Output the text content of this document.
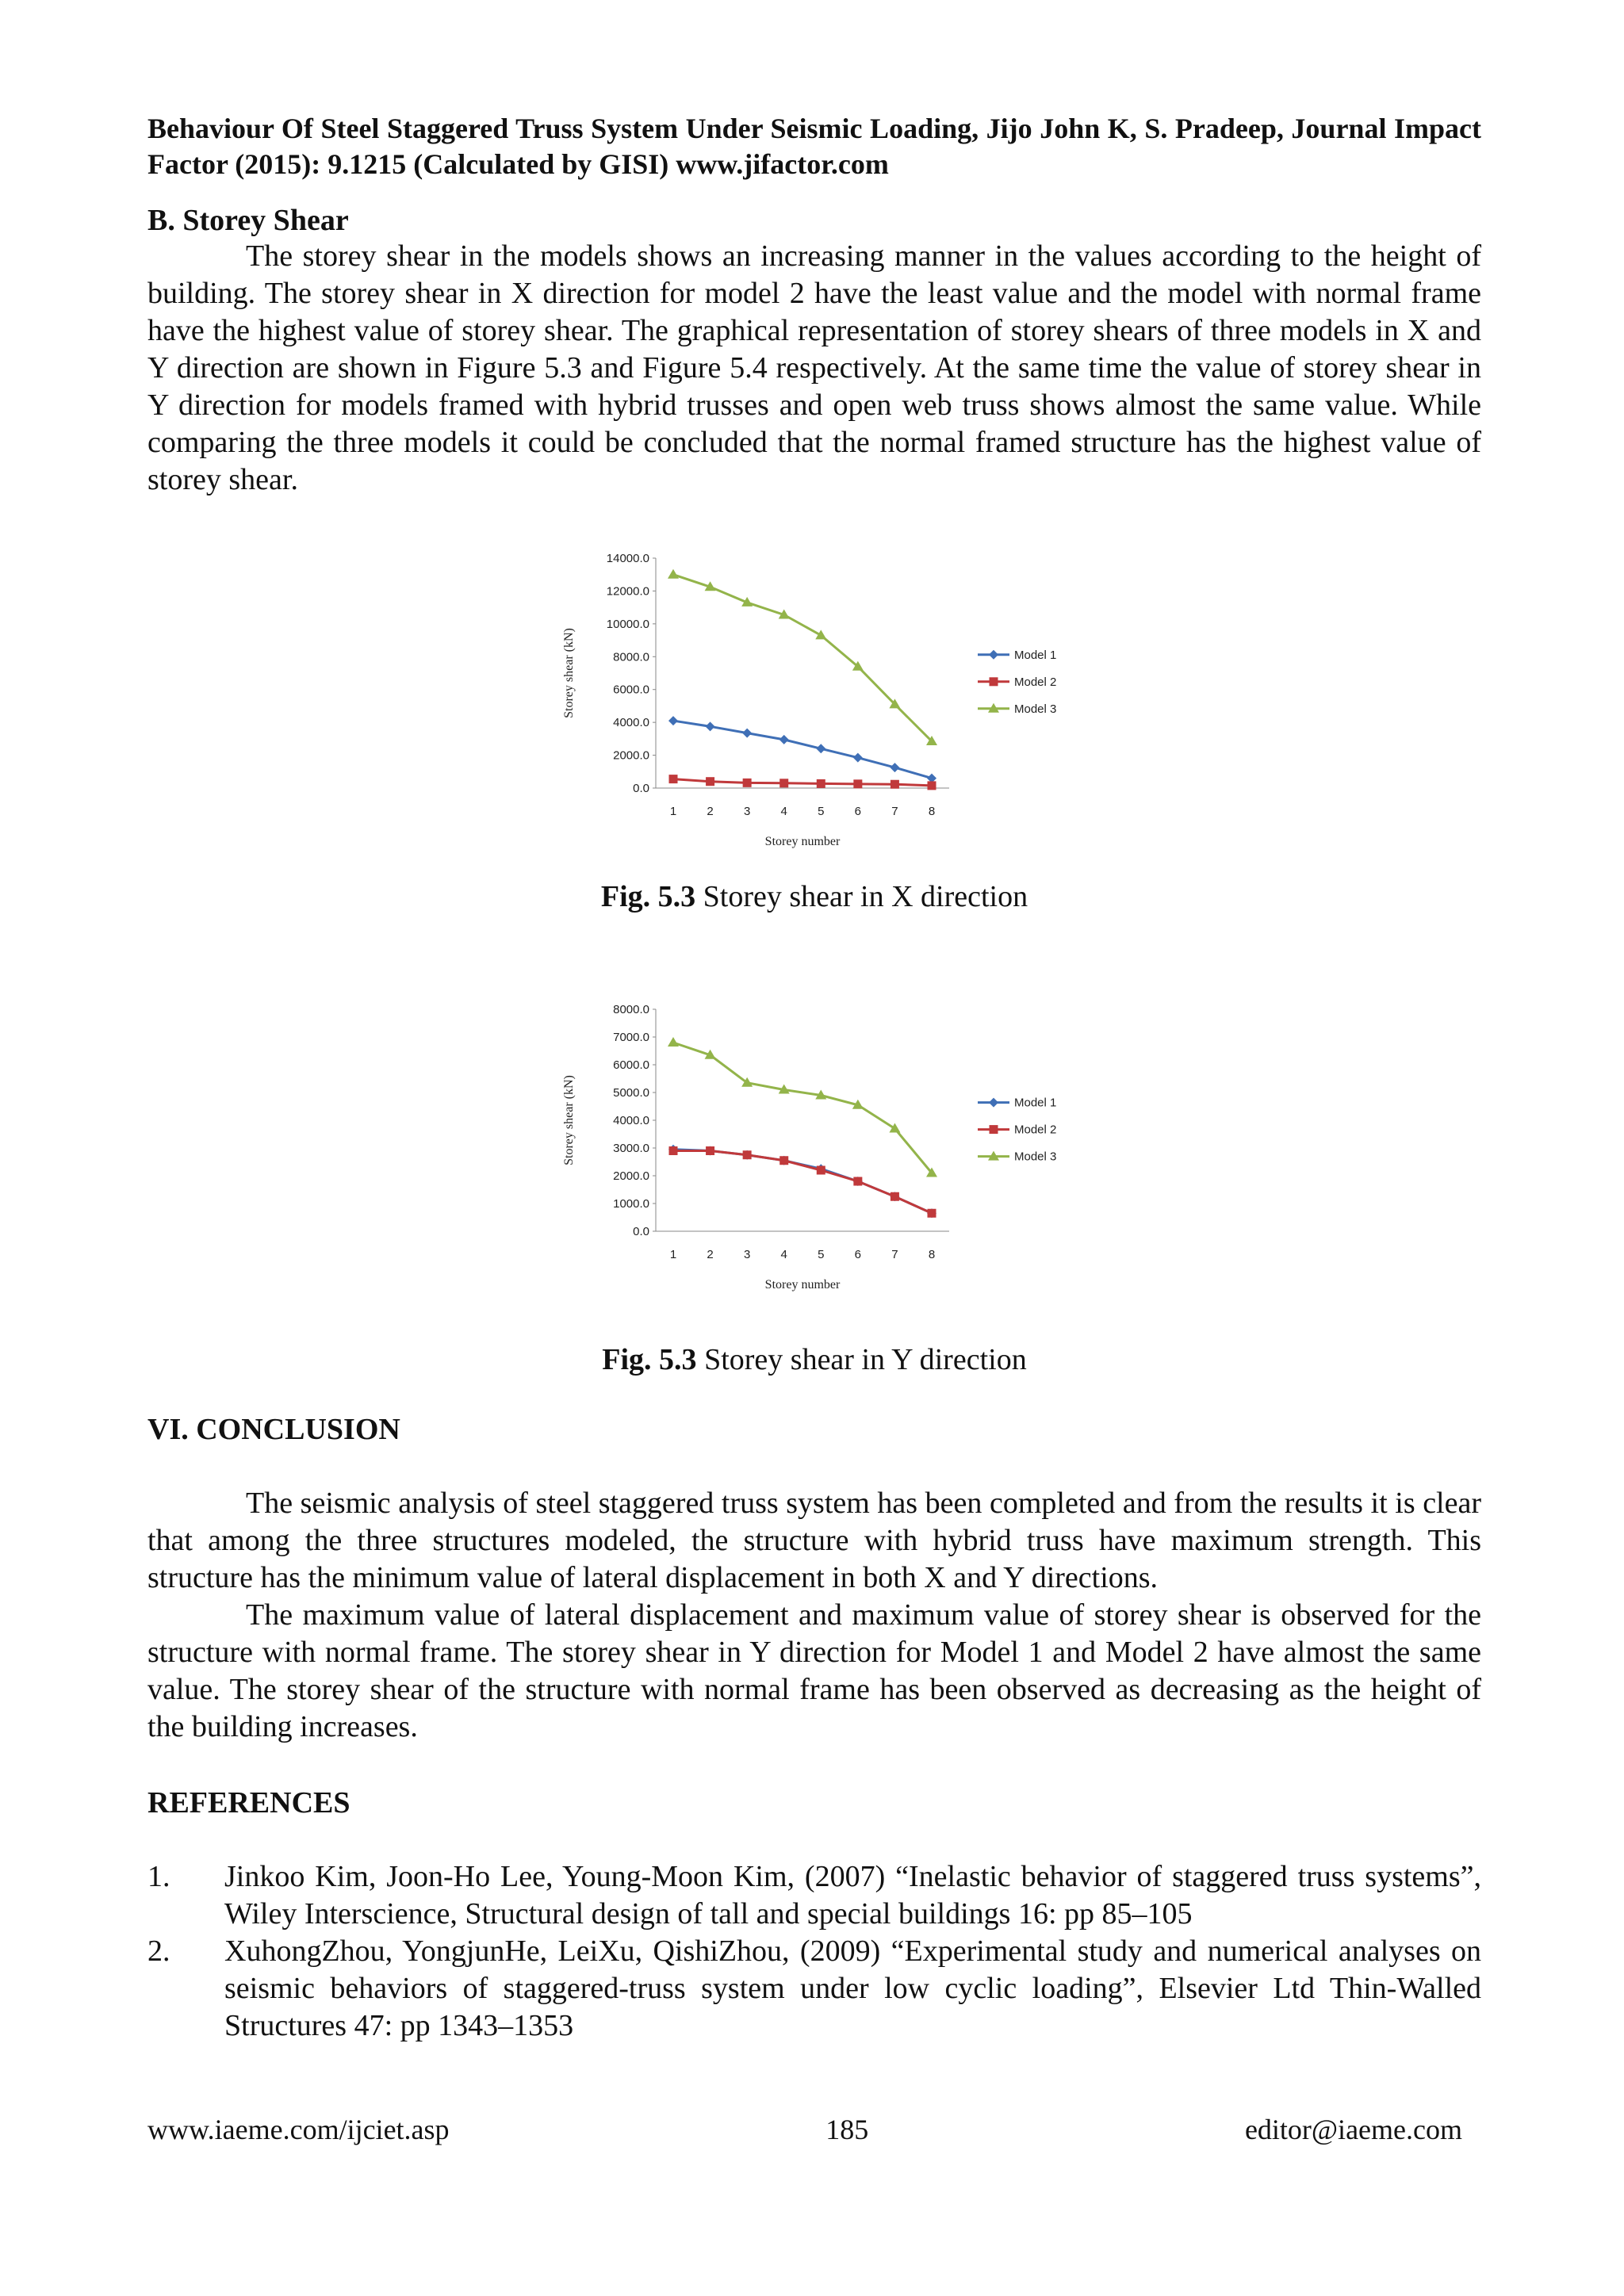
Behaviour Of Steel Staggered Truss System Under Seismic Loading, Jijo John K, S. Pradeep, Journal Impact Factor (2015): 9.1215 (Calculated by GISI) www.jifactor.com
B. Storey Shear

The storey shear in the models shows an increasing manner in the values according to the height of building. The storey shear in X direction for model 2 have the least value and the model with normal frame have the highest value of storey shear. The graphical representation of storey shears of three models in X and Y direction are shown in Figure 5.3 and Figure 5.4 respectively. At the same time the value of storey shear in Y direction for models framed with hybrid trusses and open web truss shows almost the same value. While comparing the three models it could be concluded that the normal framed structure has the highest value of storey shear.

0.0
2000.0
4000.0
6000.0
8000.0
10000.0
12000.0
14000.0
1	2	3	4	5	6	7	8
Storey number
Storey shear (kN)	Model 1
Model 2
Model 3
Fig. 5.3 Storey shear in X direction
0.0
1000.0
2000.0
3000.0
4000.0
5000.0
6000.0
7000.0
8000.0
1	2	3	4	5	6	7	8
Storey number
Storey shear (kN)	Model 1
Model 2
Model 3
Fig. 5.3 Storey shear in Y direction
VI. CONCLUSION

The seismic analysis of steel staggered truss system has been completed and from the results it is clear that among the three structures modeled, the structure with hybrid truss have maximum strength. This structure has the minimum value of lateral displacement in both X and Y directions.

The maximum value of lateral displacement and maximum value of storey shear is observed for the structure with normal frame. The storey shear in Y direction for Model 1 and Model 2 have almost the same value. The storey shear of the structure with normal frame has been observed as decreasing as the height of the building increases.

REFERENCES
1.	Jinkoo Kim, Joon-Ho Lee, Young-Moon Kim, (2007) “Inelastic behavior of staggered truss systems”, Wiley Interscience, Structural design of tall and special buildings 16: pp 85–105
2.	XuhongZhou, YongjunHe, LeiXu, QishiZhou, (2009) “Experimental study and numerical analyses on seismic behaviors of staggered-truss system under low cyclic loading”, Elsevier Ltd Thin-Walled Structures 47: pp 1343–1353
www.iaeme.com/ijciet.asp	185	editor@iaeme.com
